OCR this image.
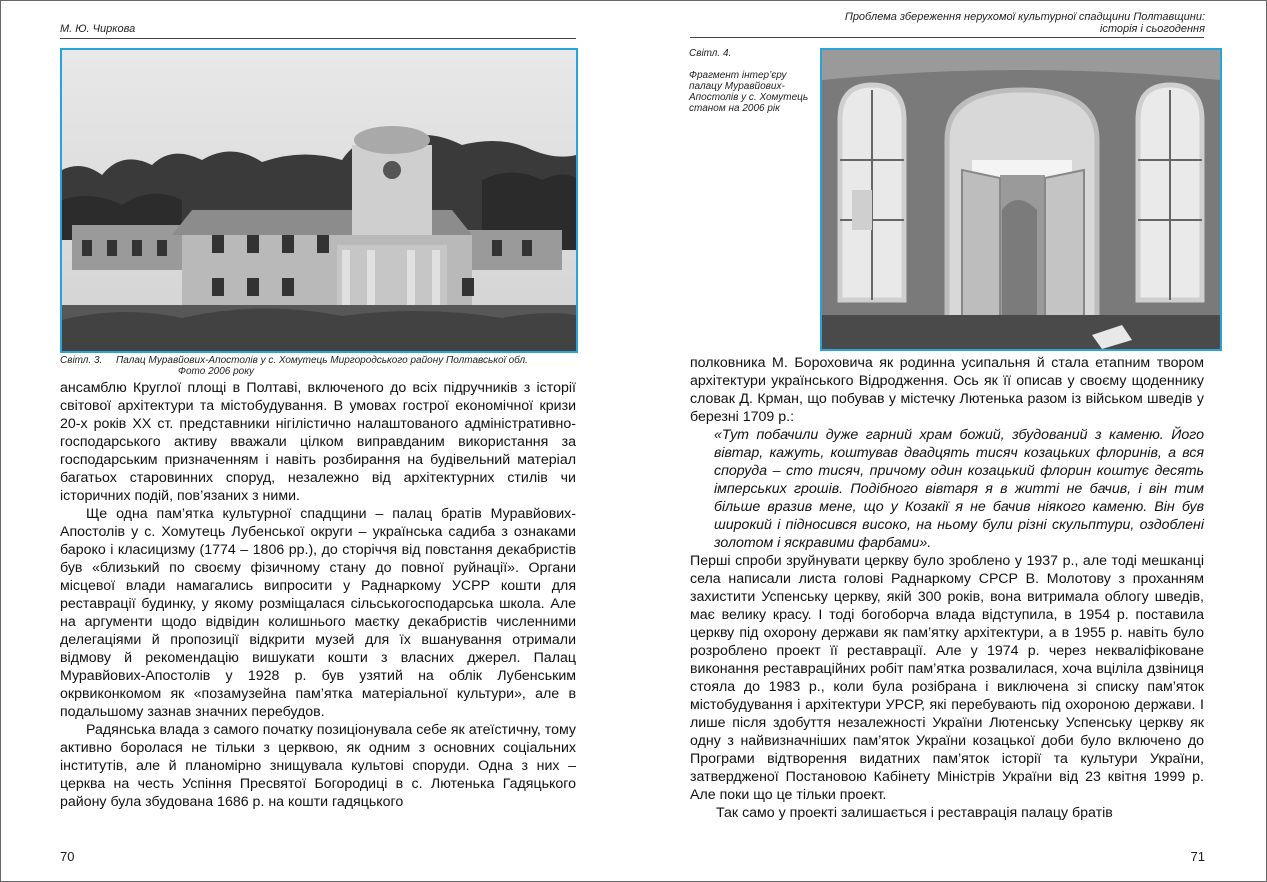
М. Ю. Чиркова
Світл. 3. Палац Муравйових-Апостолів у с. Хомутець Миргородського району Полтавської обл.
Фото 2006 року

ансамблю Круглої площі в Полтаві, включеного до всіх підручників з історії світової архітектури та містобудування. В умовах гострої економічної кризи 20-х років ХХ ст. представники нігілістично налаштованого адміністративно-господарського активу вважали цілком виправданим використання за господарським призначенням і навіть розбирання на будівельний матеріал багатьох старовинних споруд, незалежно від архітектурних стилів чи історичних подій, пов’язаних з ними.

Ще одна пам’ятка культурної спадщини – палац братів Муравйових-Апостолів у с. Хомутець Лубенської округи – українська садиба з ознаками бароко і класицизму (1774 – 1806 рр.), до сторіччя від повстання декабристів був «близький по своєму фізичному стану до повної руйнації». Органи місцевої влади намагались випросити у Раднаркому УСРР кошти для реставрації будинку, у якому розміщалася сільськогосподарська школа. Але на аргументи щодо відвідин колишнього маєтку декабристів численними делегаціями й пропозиції відкрити музей для їх вшанування отримали відмову й рекомендацію вишукати кошти з власних джерел. Палац Муравйових-Апостолів у 1928 р. був узятий на облік Лубенським окрвиконкомом як «позамузейна пам’ятка матеріальної культури», але в подальшому зазнав значних перебудов.

Радянська влада з самого початку позиціонувала себе як атеїстичну, тому активно боролася не тільки з церквою, як одним з основних соціальних інститутів, але й планомірно знищувала культові споруди. Одна з них – церква на честь Успіння Пресвятої Богородиці в с. Лютенька Гадяцького району була збудована 1686 р. на кошти гадяцького

70
Проблема збереження нерухомої культурної спадщини Полтавщини:
історія і сьогодення
Світл. 4.
Фрагмент інтер’єру палацу Муравйових-Апостолів у с. Хомутець станом на 2006 рік

полковника М. Бороховича як родинна усипальня й стала етапним твором архітектури українського Відродження. Ось як її описав у своєму щоденнику словак Д. Крман, що побував у містечку Лютенька разом із військом шведів у березні 1709 р.:

«Тут побачили дуже гарний храм божий, збудований з каменю. Його вівтар, кажуть, коштував двадцять тисяч козацьких флоринів, а вся споруда – сто тисяч, причому один козацький флорин коштує десять імперських грошів. Подібного вівтаря я в житті не бачив, і він тим більше вразив мене, що у Козакії я не бачив ніякого каменю. Він був широкий і підносився високо, на ньому були різні скульптури, оздоблені золотом і яскравими фарбами».

Перші спроби зруйнувати церкву було зроблено у 1937 р., але тоді мешканці села написали листа голові Раднаркому СРСР В. Молотову з проханням захистити Успенську церкву, якій 300 років, вона витримала облогу шведів, має велику красу. І тоді богоборча влада відступила, в 1954 р. поставила церкву під охорону держави як пам’ятку архітектури, а в 1955 р. навіть було розроблено проект її реставрації. Але у 1974 р. через некваліфіковане виконання реставраційних робіт пам’ятка розвалилася, хоча вціліла дзвіниця стояла до 1983 р., коли була розібрана і виключена зі списку пам’яток містобудування і архітектури УРСР, які перебувають під охороною держави. І лише після здобуття незалежності України Лютенську Успенську церкву як одну з найвизначніших пам’яток України козацької доби було включено до Програми відтворення видатних пам’яток історії та культури України, затвердженої Постановою Кабінету Міністрів України від 23 квітня 1999 р. Але поки що це тільки проект.

Так само у проекті залишається і реставрація палацу братів

71
